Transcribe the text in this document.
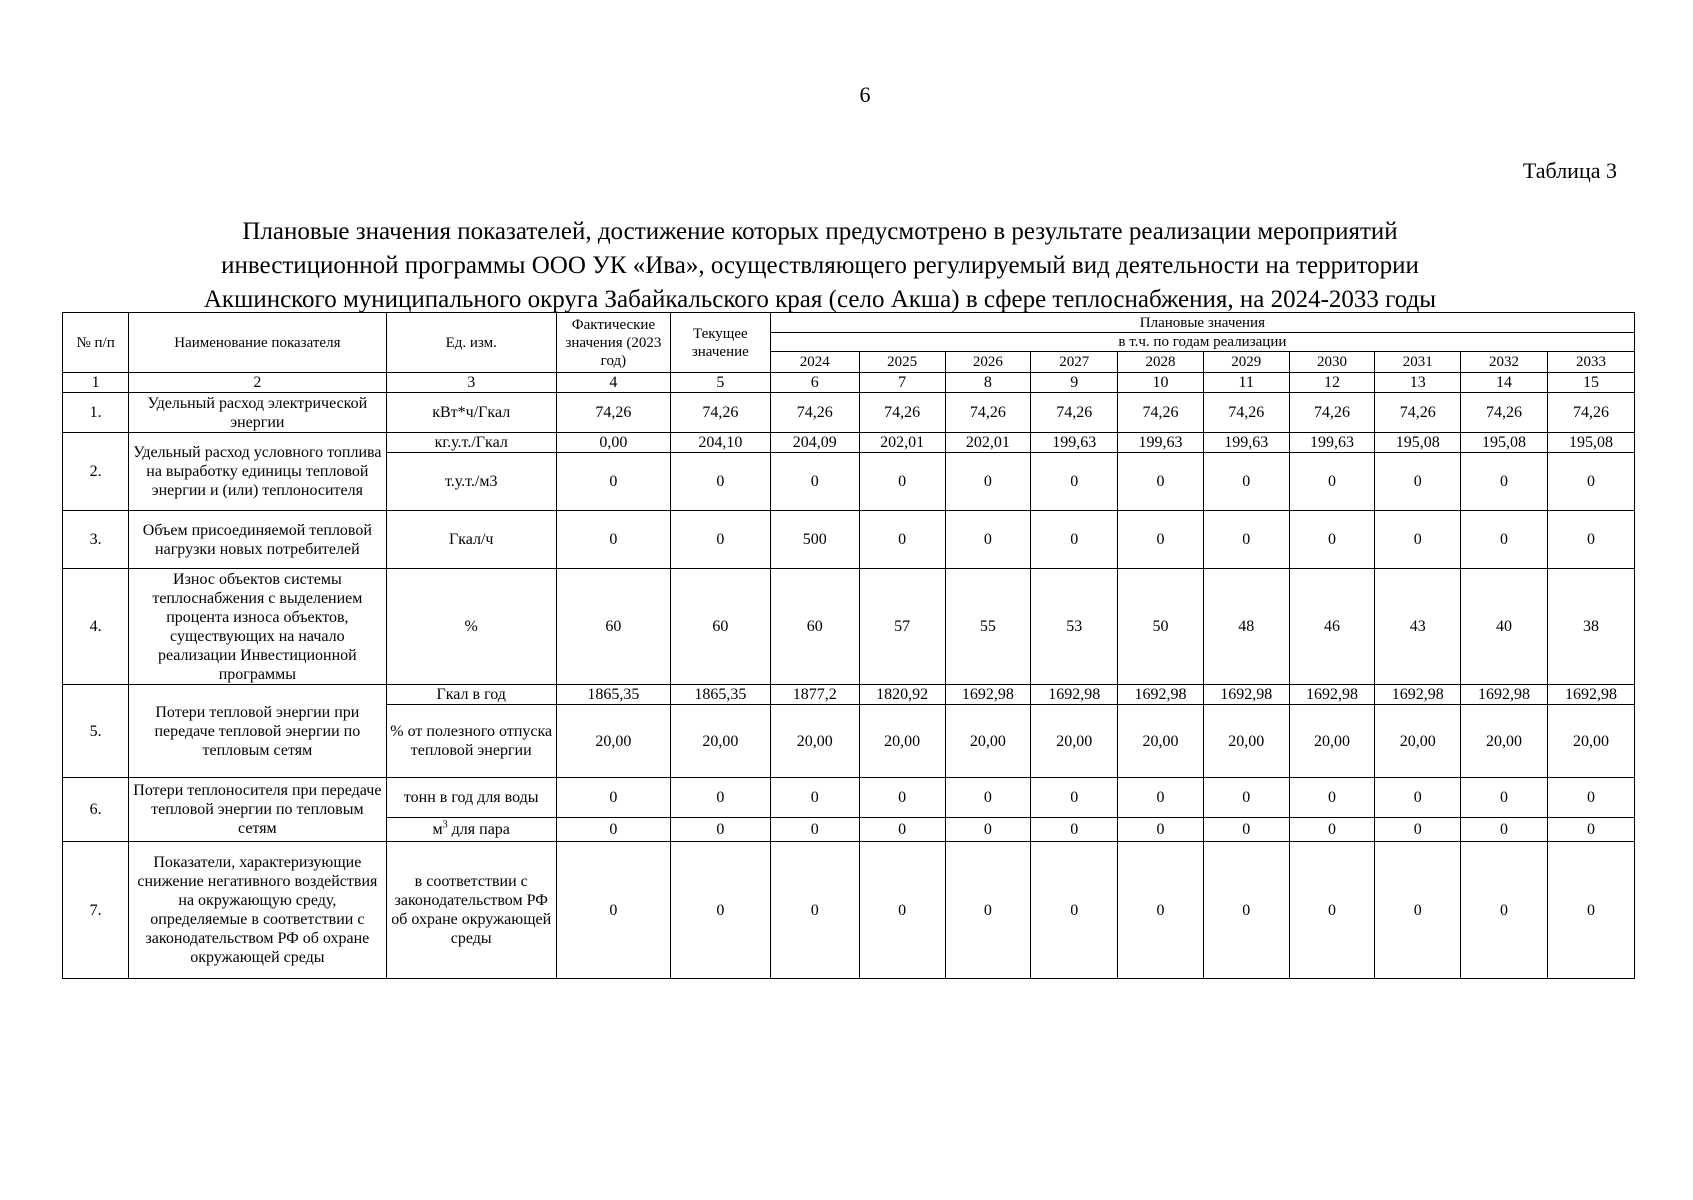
6
Таблица 3
Плановые значения показателей, достижение которых предусмотрено в результате реализации мероприятий
инвестиционной программы ООО УК «Ива», осуществляющего регулируемый вид деятельности на территории
Акшинского муниципального округа Забайкальского края (село Акша) в сфере теплоснабжения, на 2024-2033 годы
№ п/п	Наименование показателя	Ед. изм.	Фактические значения (2023 год)	Текущее значение	Плановые значения									
					в т.ч. по годам реализации									
					2024	2025	2026	2027	2028	2029	2030	2031	2032	2033
1	2	3	4	5	6	7	8	9	10	11	12	13	14	15
1.	Удельный расход электрической энергии	кВт*ч/Гкал	74,26	74,26	74,26	74,26	74,26	74,26	74,26	74,26	74,26	74,26	74,26	74,26
2.	Удельный расход условного топлива на выработку единицы тепловой энергии и (или) теплоносителя	кг.у.т./Гкал	0,00	204,10	204,09	202,01	202,01	199,63	199,63	199,63	199,63	195,08	195,08	195,08
		т.у.т./м3	0	0	0	0	0	0	0	0	0	0	0	0
3.	Объем присоединяемой тепловой нагрузки новых потребителей	Гкал/ч	0	0	500	0	0	0	0	0	0	0	0	0
4.	Износ объектов системы теплоснабжения с выделением процента износа объектов, существующих на начало реализации Инвестиционной программы	%	60	60	60	57	55	53	50	48	46	43	40	38
5.	Потери тепловой энергии при передаче тепловой энергии по тепловым сетям	Гкал в год	1865,35	1865,35	1877,2	1820,92	1692,98	1692,98	1692,98	1692,98	1692,98	1692,98	1692,98	1692,98
		% от полезного отпуска тепловой энергии	20,00	20,00	20,00	20,00	20,00	20,00	20,00	20,00	20,00	20,00	20,00	20,00
6.	Потери теплоносителя при передаче тепловой энергии по тепловым сетям	тонн в год для воды	0	0	0	0	0	0	0	0	0	0	0	0
		$м^3$ для пара	0	0	0	0	0	0	0	0	0	0	0	0
7.	Показатели, характеризующие снижение негативного воздействия на окружающую среду, определяемые в соответствии с законодательством РФ об охране окружающей среды	в соответствии с законодательством РФ об охране окружающей среды	0	0	0	0	0	0	0	0	0	0	0	0
